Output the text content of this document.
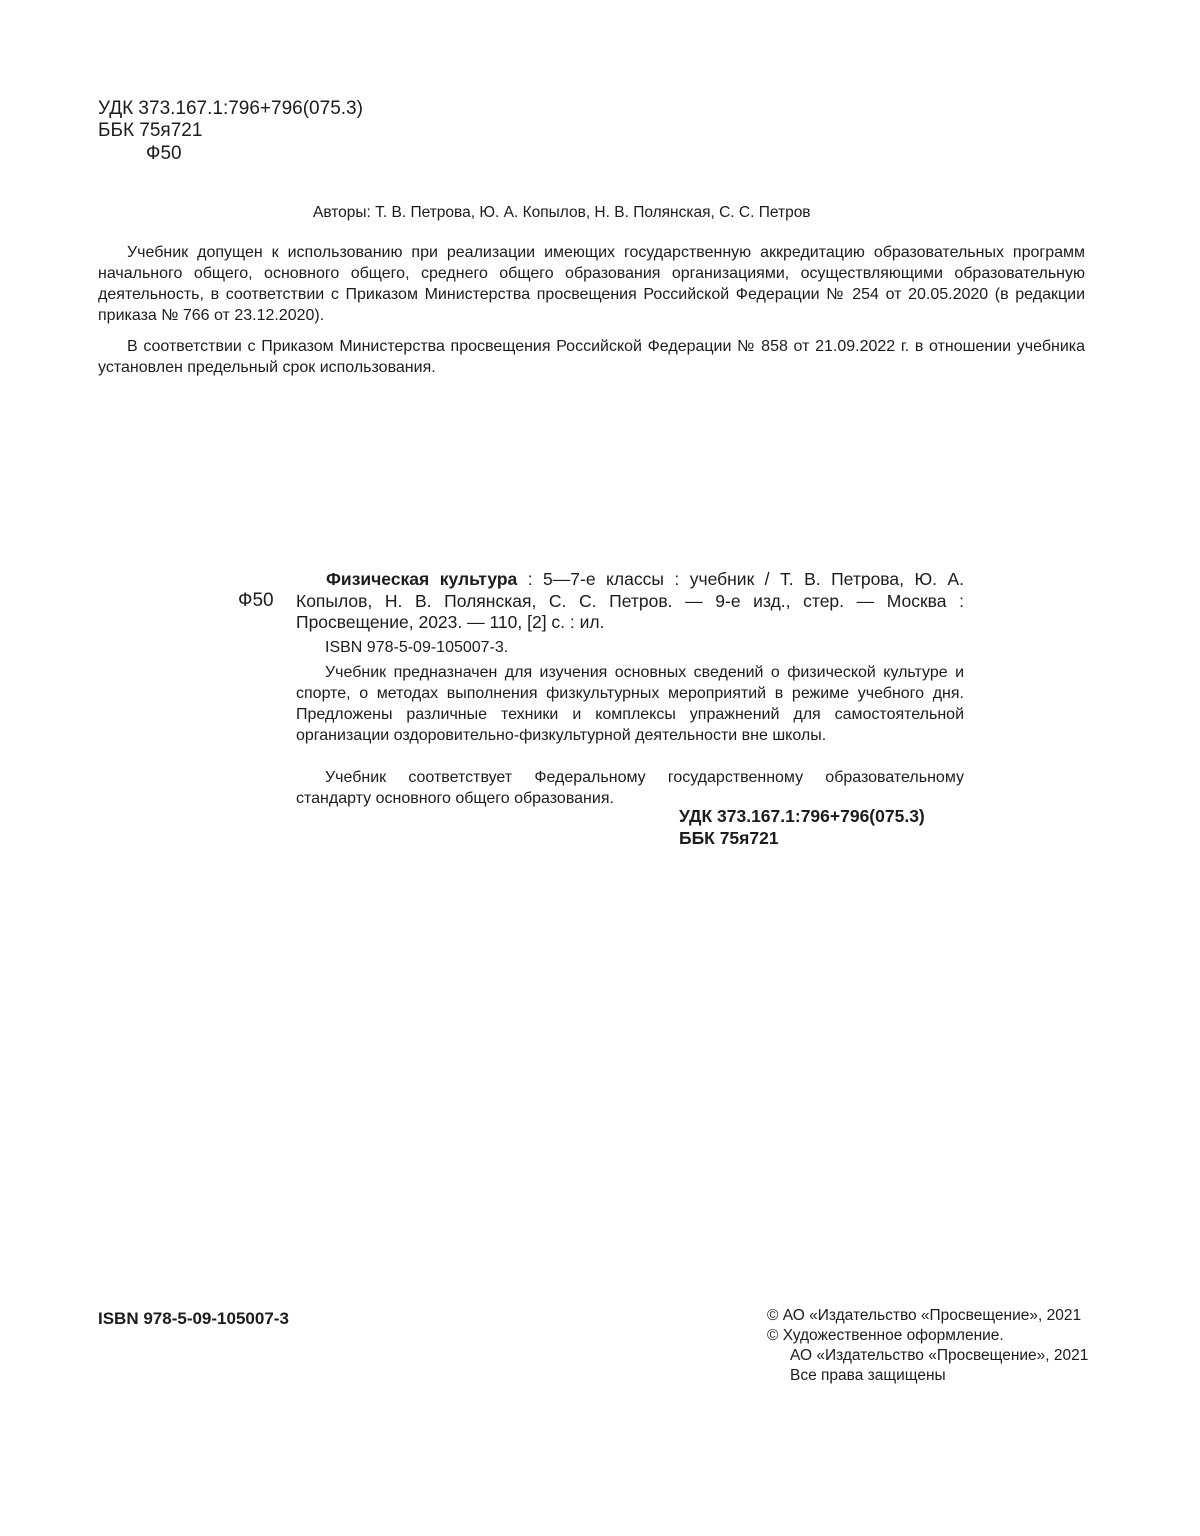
УДК 373.167.1:796+796(075.3)

ББК 75я721

Ф50

Авторы: Т. В. Петрова, Ю. А. Копылов, Н. В. Полянская, С. С. Петров

Учебник допущен к использованию при реализации имеющих государственную аккредитацию образовательных программ начального общего, основного общего, среднего общего образования организациями, осуществляющими образовательную деятельность, в соответствии с Приказом Министерства просвещения Российской Федерации № 254 от 20.05.2020 (в редакции приказа № 766 от 23.12.2020).

В соответствии с Приказом Министерства просвещения Российской Федерации № 858 от 21.09.2022 г. в отношении учебника установлен предельный срок использования.

Ф50

Физическая культура : 5—7-е классы : учебник / Т. В. Петрова, Ю. А. Копылов, Н. В. Полянская, С. С. Петров. — 9-е изд., стер. — Москва : Просвещение, 2023. — 110, [2] с. : ил.

ISBN 978-5-09-105007-3.

Учебник предназначен для изучения основных сведений о физической культуре и спорте, о методах выполнения физкультурных мероприятий в режиме учебного дня. Предложены различные техники и комплексы упражнений для самостоятельной организации оздоровительно-физкультурной деятельности вне школы.

Учебник соответствует Федеральному государственному образовательному стандарту основного общего образования.

УДК 373.167.1:796+796(075.3)

ББК 75я721

ISBN 978-5-09-105007-3	© АО «Издательство «Просвещение», 2021

© Художественное оформление.

АО «Издательство «Просвещение», 2021

Все права защищены
